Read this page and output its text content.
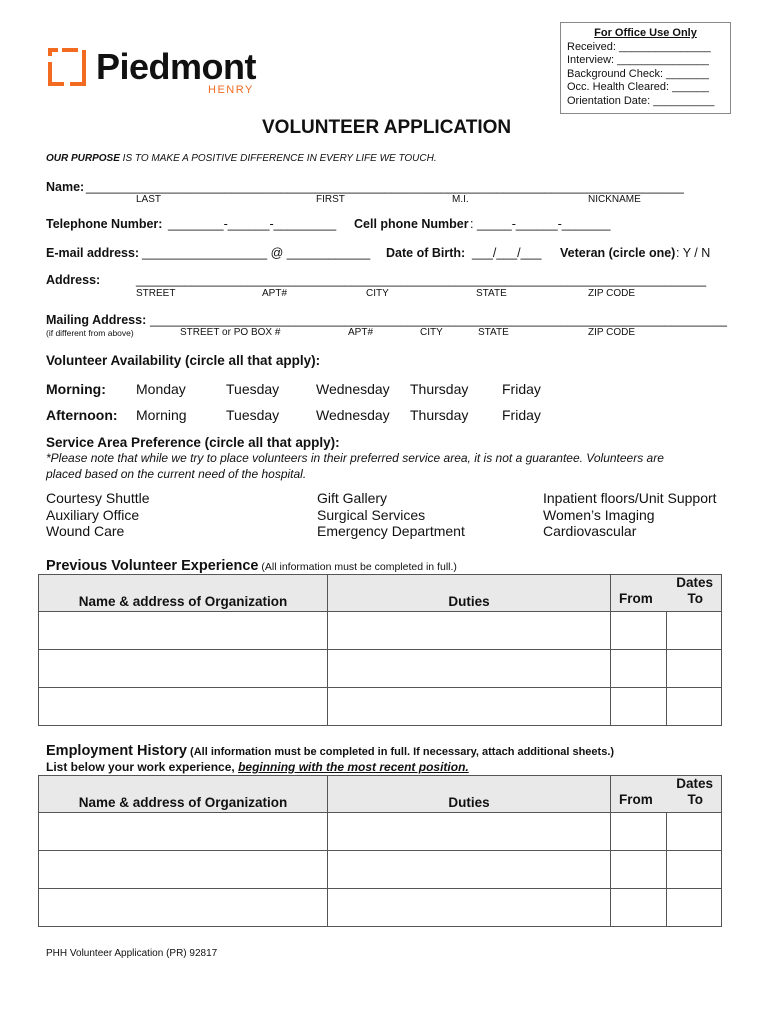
Piedmont
HENRY
For Office Use Only
Received: _______________
Interview: _______________
Background Check: _______
Occ. Health Cleared: ______
Orientation Date: __________
VOLUNTEER APPLICATION
OUR PURPOSE IS TO MAKE A POSITIVE DIFFERENCE IN EVERY LIFE WE TOUCH.
Name: ______________________________________________________________________________________
LAST	FIRST	M.I.	NICKNAME
Telephone Number: ________-______-_________ Cell phone Number : _____-______-_______
E-mail address: __________________ @ ____________ Date of Birth: ___/___/___ Veteran (circle one) : Y / N
Address:	__________________________________________________________________________________
STREET	APT#	CITY	STATE	ZIP CODE
Mailing Address: ___________________________________________________________________________________
(if different from above)	STREET or PO BOX #	APT#	CITY	STATE	ZIP CODE
Volunteer Availability (circle all that apply):
Morning: Monday	Tuesday	Wednesday Thursday Friday
Afternoon: Morning	Tuesday	Wednesday Thursday Friday
Service Area Preference (circle all that apply):
*Please note that while we try to place volunteers in their preferred service area, it is not a guarantee. Volunteers are
placed based on the current need of the hospital.
Courtesy Shuttle
Auxiliary Office
Wound Care
Gift Gallery
Surgical Services
Emergency Department
Inpatient floors/Unit Support
Women’s Imaging
Cardiovascular
Previous Volunteer Experience (All information must be completed in full.)
Name & address of Organization	Duties	Dates
From To	

Employment History (All information must be completed in full. If necessary, attach additional sheets.)
List below your work experience, beginning with the most recent position.
Name & address of Organization	Duties	Dates
From To	

PHH Volunteer Application (PR) 92817
